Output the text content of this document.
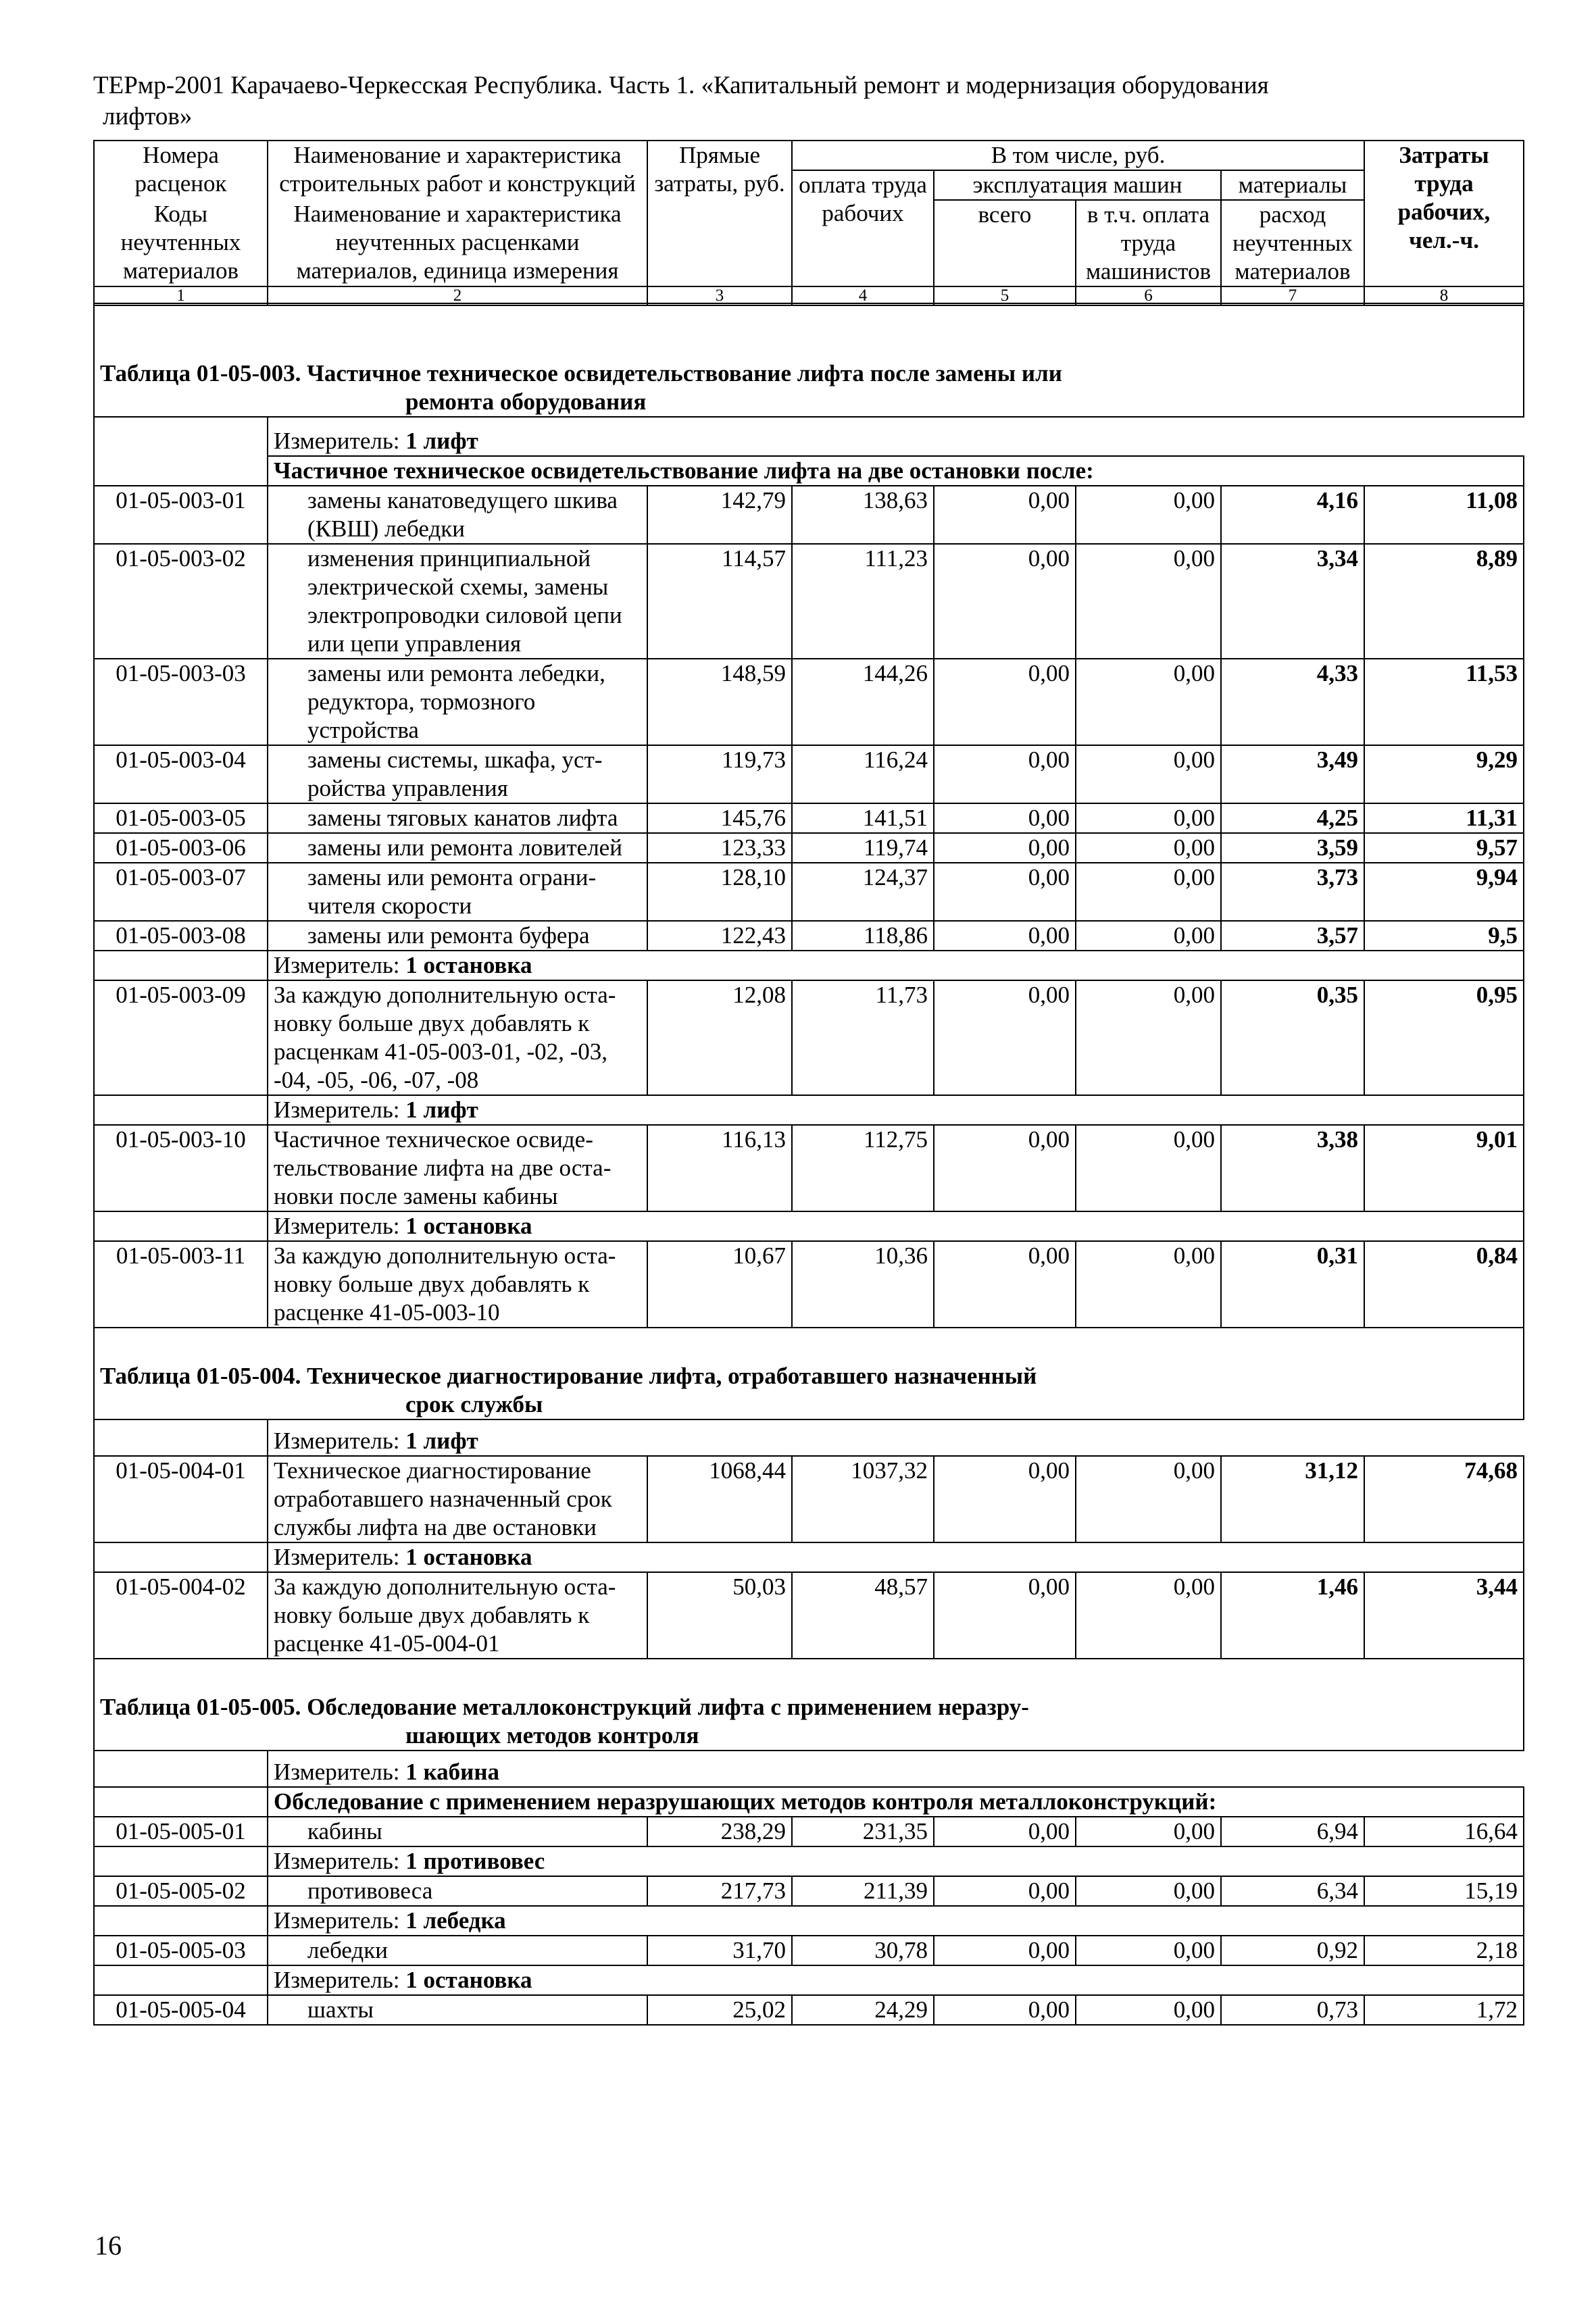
ТЕРмр-2001 Карачаево-Черкесская Республика. Часть 1. «Капитальный ремонт и модернизация оборудования
лифтов»
Номера расценок	Наименование и характеристика строительных работ и конструкций	Прямые затраты, руб.	В том числе, руб.				Затраты труда рабочих, чел.-ч.
			оплата труда рабочих	эксплуатация машин		материалы	
Коды неучтенных материалов	Наименование и характеристика неучтенных расценками материалов, единица измерения			всего	в т.ч. оплата труда машинистов	расход неучтенных материалов	

1	2	3	4	5	6	7	8
Таблица 01-05-003. Частичное техническое освидетельствование лифта после замены или
ремонта оборудования							

	Измеритель: 1 лифт						
	Частичное техническое освидетельствование лифта на две остановки после:						
01-05-003-01	замены канатоведущего шкива (КВШ) лебедки	142,79	138,63	0,00	0,00	4,16	11,08
01-05-003-02	изменения принципиальной электрической схемы, замены электропроводки силовой цепи или цепи управления	114,57	111,23	0,00	0,00	3,34	8,89
01-05-003-03	замены или ремонта лебедки, редуктора, тормозного устройства	148,59	144,26	0,00	0,00	4,33	11,53
01-05-003-04	замены системы, шкафа, уст-ройства управления	119,73	116,24	0,00	0,00	3,49	9,29
01-05-003-05	замены тяговых канатов лифта	145,76	141,51	0,00	0,00	4,25	11,31
01-05-003-06	замены или ремонта ловителей	123,33	119,74	0,00	0,00	3,59	9,57
01-05-003-07	замены или ремонта ограни-чителя скорости	128,10	124,37	0,00	0,00	3,73	9,94
01-05-003-08	замены или ремонта буфера	122,43	118,86	0,00	0,00	3,57	9,5
	Измеритель: 1 остановка						
01-05-003-09	За каждую дополнительную оста-новку больше двух добавлять к расценкам 41-05-003-01, -02, -03, -04, -05, -06, -07, -08	12,08	11,73	0,00	0,00	0,35	0,95
	Измеритель: 1 лифт						
01-05-003-10	Частичное техническое освиде-тельствование лифта на две оста-новки после замены кабины	116,13	112,75	0,00	0,00	3,38	9,01
	Измеритель: 1 остановка						
01-05-003-11	За каждую дополнительную оста-новку больше двух добавлять к расценке 41-05-003-10	10,67	10,36	0,00	0,00	0,31	0,84

Таблица 01-05-004. Техническое диагностирование лифта, отработавшего назначенный
срок службы							

	Измеритель: 1 лифт						
01-05-004-01	Техническое диагностирование отработавшего назначенный срок службы лифта на две остановки	1068,44	1037,32	0,00	0,00	31,12	74,68
	Измеритель: 1 остановка						
01-05-004-02	За каждую дополнительную оста-новку больше двух добавлять к расценке 41-05-004-01	50,03	48,57	0,00	0,00	1,46	3,44

Таблица 01-05-005. Обследование металлоконструкций лифта с применением неразру-
шающих методов контроля							

	Измеритель: 1 кабина						
	Обследование с применением неразрушающих методов контроля металлоконструкций:						
01-05-005-01	кабины	238,29	231,35	0,00	0,00	6,94	16,64
	Измеритель: 1 противовес						
01-05-005-02	противовеса	217,73	211,39	0,00	0,00	6,34	15,19
	Измеритель: 1 лебедка						
01-05-005-03	лебедки	31,70	30,78	0,00	0,00	0,92	2,18
	Измеритель: 1 остановка						
01-05-005-04	шахты	25,02	24,29	0,00	0,00	0,73	1,72
16
